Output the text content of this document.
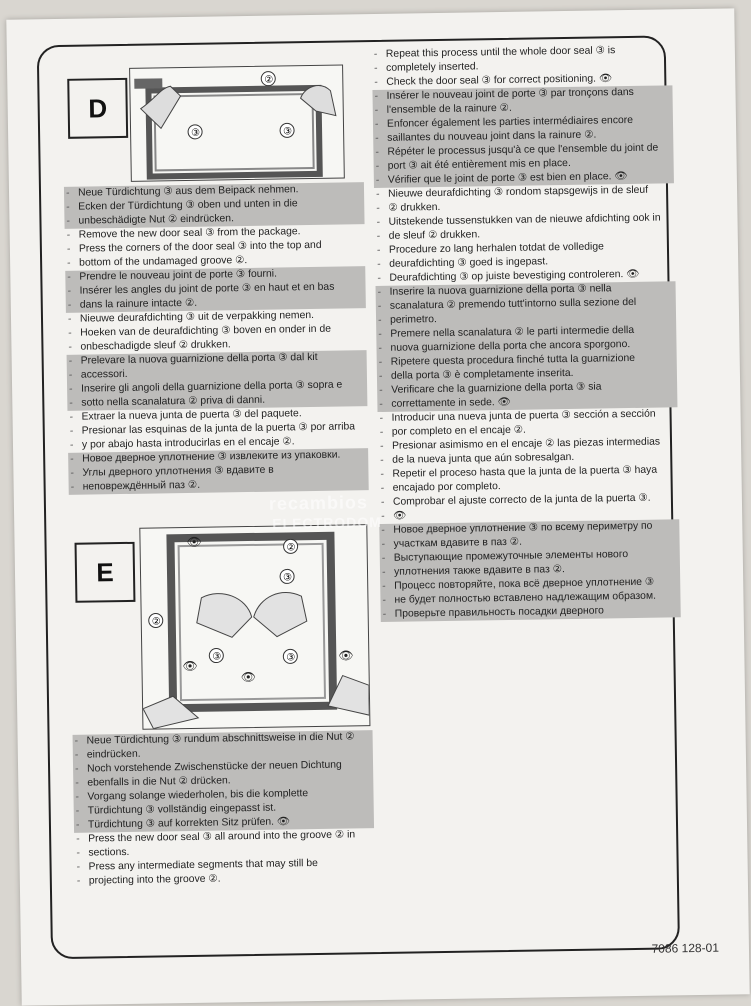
D
②
③	③
- Neue Türdichtung ③ aus dem Beipack nehmen.
- Ecken der Türdichtung ③ oben und unten in die
- unbeschädigte Nut ② eindrücken.
- Remove the new door seal ③ from the package.
- Press the corners of the door seal ③ into the top and
- bottom of the undamaged groove ②.
- Prendre le nouveau joint de porte ③ fourni.
- Insérer les angles du joint de porte ③ en haut et en bas
- dans la rainure intacte ②.
- Nieuwe deurafdichting ③ uit de verpakking nemen.
- Hoeken van de deurafdichting ③ boven en onder in de
- onbeschadigde sleuf ② drukken.
- Prelevare la nuova guarnizione della porta ③ dal kit
- accessori.
- Inserire gli angoli della guarnizione della porta ③ sopra e
- sotto nella scanalatura ② priva di danni.
- Extraer la nueva junta de puerta ③ del paquete.
- Presionar las esquinas de la junta de la puerta ③ por arriba
- y por abajo hasta introducirlas en el encaje ②.
- Новое дверное уплотнение ③ извлеките из упаковки.
- Углы дверного уплотнения ③ вдавите в
- неповреждённый паз ②.
E
②
③
②
③	③
👁
👁
👁
👁
- Neue Türdichtung ③ rundum abschnittsweise in die Nut ②
- eindrücken.
- Noch vorstehende Zwischenstücke der neuen Dichtung
- ebenfalls in die Nut ② drücken.
- Vorgang solange wiederholen, bis die komplette
- Türdichtung ③ vollständig eingepasst ist.
- Türdichtung ③ auf korrekten Sitz prüfen. 👁
- Press the new door seal ③ all around into the groove ② in
- sections.
- Press any intermediate segments that may still be
- projecting into the groove ②.
- Repeat this process until the whole door seal ③ is
- completely inserted.
- Check the door seal ③ for correct positioning. 👁
- Insérer le nouveau joint de porte ③ par tronçons dans
- l'ensemble de la rainure ②.
- Enfoncer également les parties intermédiaires encore
- saillantes du nouveau joint dans la rainure ②.
- Répéter le processus jusqu'à ce que l'ensemble du joint de
- port ③ ait été entièrement mis en place.
- Vérifier que le joint de porte ③ est bien en place. 👁
- Nieuwe deurafdichting ③ rondom stapsgewijs in de sleuf
- ② drukken.
- Uitstekende tussenstukken van de nieuwe afdichting ook in
- de sleuf ② drukken.
- Procedure zo lang herhalen totdat de volledige
- deurafdichting ③ goed is ingepast.
- Deurafdichting ③ op juiste bevestiging controleren. 👁
- Inserire la nuova guarnizione della porta ③ nella
- scanalatura ② premendo tutt'intorno sulla sezione del
- perimetro.
- Premere nella scanalatura ② le parti intermedie della
- nuova guarnizione della porta che ancora sporgono.
- Ripetere questa procedura finché tutta la guarnizione
- della porta ③ è completamente inserita.
- Verificare che la guarnizione della porta ③ sia
- correttamente in sede. 👁
- Introducir una nueva junta de puerta ③ sección a sección
- por completo en el encaje ②.
- Presionar asimismo en el encaje ② las piezas intermedias
- de la nueva junta que aún sobresalgan.
- Repetir el proceso hasta que la junta de la puerta ③ haya
- encajado por completo.
- Comprobar el ajuste correcto de la junta de la puerta ③.
- 👁
- Новое дверное уплотнение ③ по всему периметру по
- участкам вдавите в паз ②.
- Выступающие промежуточные элементы нового
- уплотнения также вдавите в паз ②.
- Процесс повторяйте, пока всё дверное уплотнение ③
- не будет полностью вставлено надлежащим образом.
- Проверьте правильность посадки дверного
recambios
ELECTRODOM
7086 128-01
